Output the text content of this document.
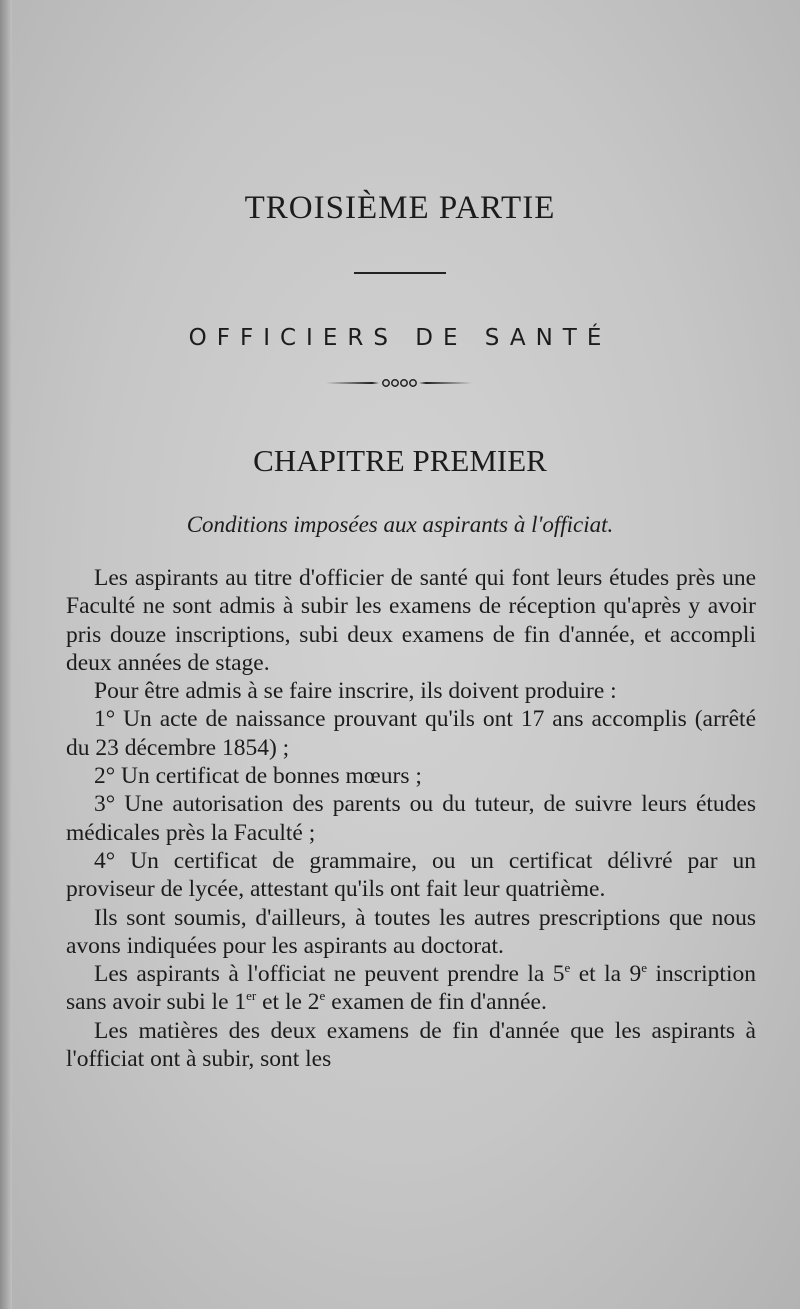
TROISIÈME PARTIE
OFFICIERS DE SANTÉ
CHAPITRE PREMIER
Conditions imposées aux aspirants à l'officiat.

Les aspirants au titre d'officier de santé qui font leurs études près une Faculté ne sont admis à subir les examens de réception qu'après y avoir pris douze inscriptions, subi deux examens de fin d'année, et accompli deux années de stage.

Pour être admis à se faire inscrire, ils doivent produire :

1° Un acte de naissance prouvant qu'ils ont 17 ans accomplis (arrêté du 23 décembre 1854) ;

2° Un certificat de bonnes mœurs ;

3° Une autorisation des parents ou du tuteur, de suivre leurs études médicales près la Faculté ;

4° Un certificat de grammaire, ou un certificat délivré par un proviseur de lycée, attestant qu'ils ont fait leur quatrième.

Ils sont soumis, d'ailleurs, à toutes les autres prescriptions que nous avons indiquées pour les aspirants au doctorat.

Les aspirants à l'officiat ne peuvent prendre la 5e et la 9e inscription sans avoir subi le 1er et le 2e examen de fin d'année.

Les matières des deux examens de fin d'année que les aspirants à l'officiat ont à subir, sont les
